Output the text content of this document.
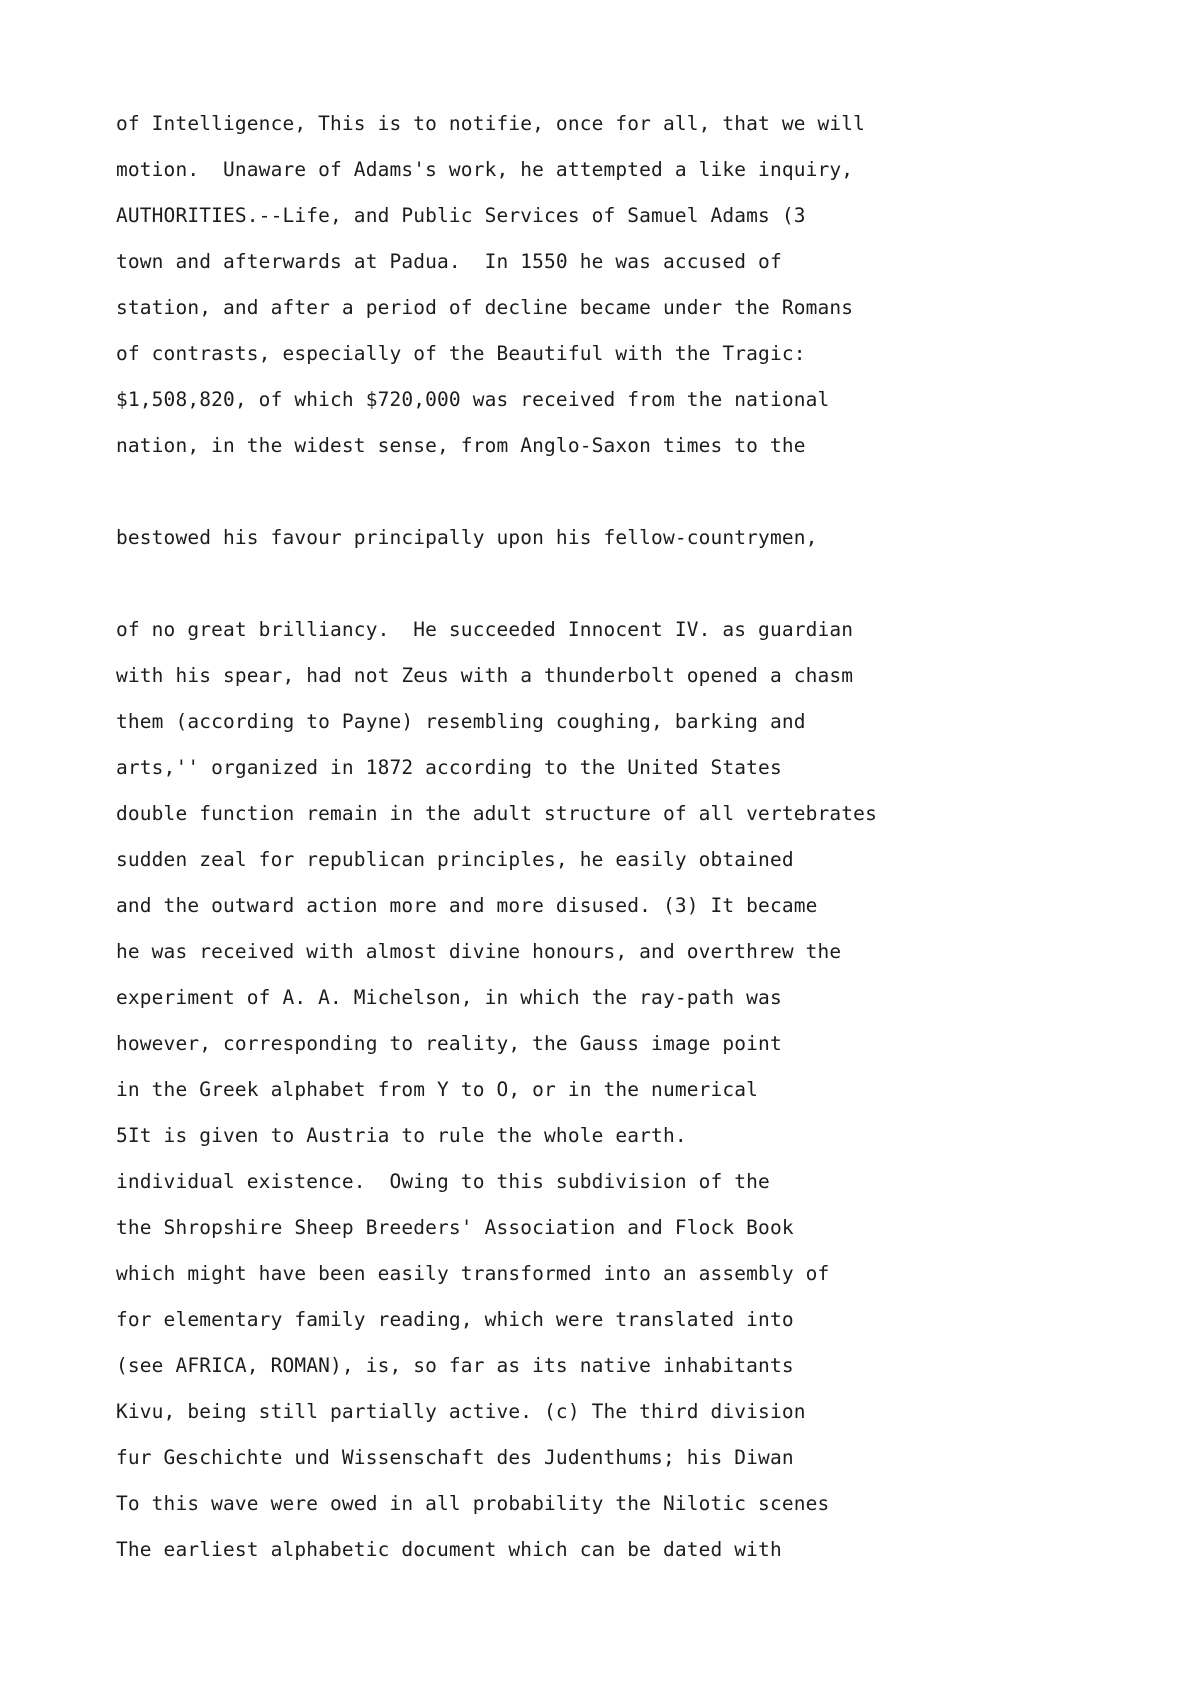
of Intelligence, This is to notifie, once for all, that we will

motion.  Unaware of Adams's work, he attempted a like inquiry,

AUTHORITIES.--Life, and Public Services of Samuel Adams (3

town and afterwards at Padua.  In 1550 he was accused of

station, and after a period of decline became under the Romans

of contrasts, especially of the Beautiful with the Tragic:

$1,508,820, of which $720,000 was received from the national

nation, in the widest sense, from Anglo-Saxon times to the

bestowed his favour principally upon his fellow-countrymen,

of no great brilliancy.  He succeeded Innocent IV. as guardian

with his spear, had not Zeus with a thunderbolt opened a chasm

them (according to Payne) resembling coughing, barking and

arts,'' organized in 1872 according to the United States

double function remain in the adult structure of all vertebrates

sudden zeal for republican principles, he easily obtained

and the outward action more and more disused. (3) It became

he was received with almost divine honours, and overthrew the

experiment of A. A. Michelson, in which the ray-path was

however, corresponding to reality, the Gauss image point

in the Greek alphabet from Y to O, or in the numerical

5It is given to Austria to rule the whole earth.

individual existence.  Owing to this subdivision of the

the Shropshire Sheep Breeders' Association and Flock Book

which might have been easily transformed into an assembly of

for elementary family reading, which were translated into

(see AFRICA, ROMAN), is, so far as its native inhabitants

Kivu, being still partially active. (c) The third division

fur Geschichte und Wissenschaft des Judenthums; his Diwan

To this wave were owed in all probability the Nilotic scenes

The earliest alphabetic document which can be dated with
